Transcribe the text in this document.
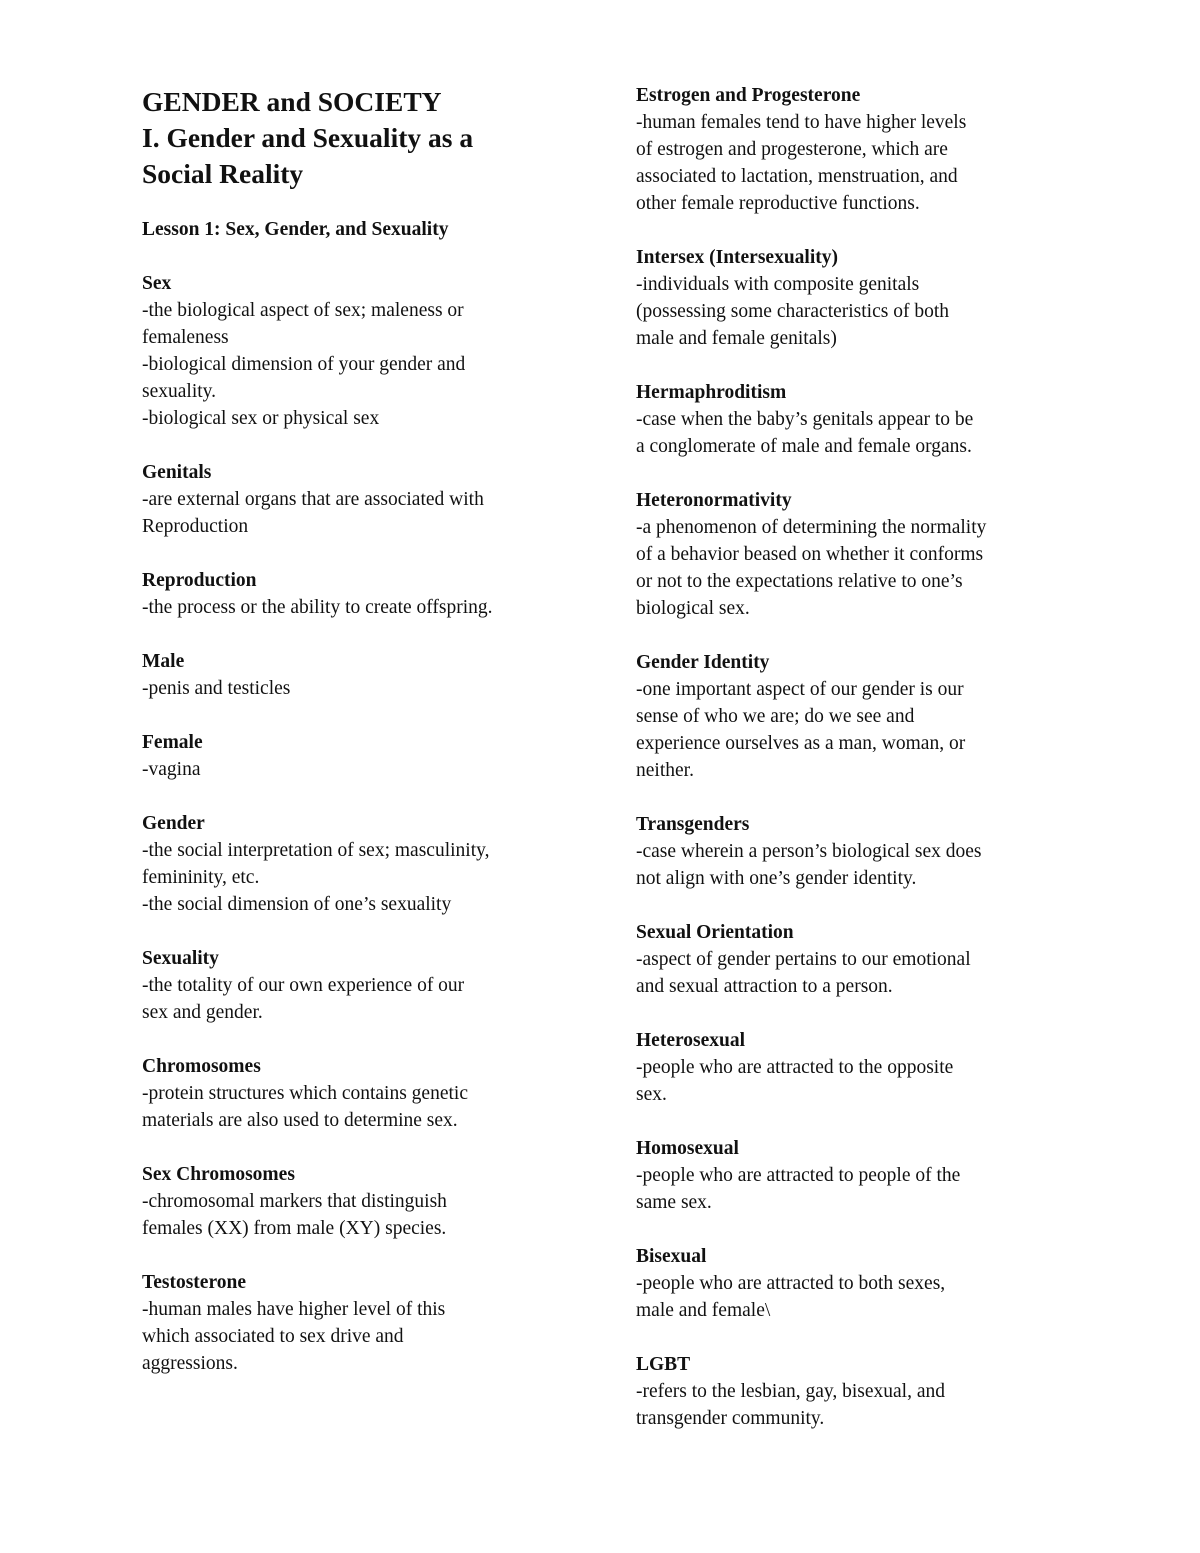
GENDER and SOCIETY
I. Gender and Sexuality as a
Social Reality
Lesson 1: Sex, Gender, and Sexuality
Sex
-the biological aspect of sex; maleness or
femaleness
-biological dimension of your gender and
sexuality.
-biological sex or physical sex
Genitals
-are external organs that are associated with
Reproduction
Reproduction
-the process or the ability to create offspring.
Male
-penis and testicles
Female
-vagina
Gender
-the social interpretation of sex; masculinity,
femininity, etc.
-the social dimension of one’s sexuality
Sexuality
-the totality of our own experience of our
sex and gender.
Chromosomes
-protein structures which contains genetic
materials are also used to determine sex.
Sex Chromosomes
-chromosomal markers that distinguish
females (XX) from male (XY) species.
Testosterone
-human males have higher level of this
which associated to sex drive and
aggressions.
Estrogen and Progesterone
-human females tend to have higher levels
of estrogen and progesterone, which are
associated to lactation, menstruation, and
other female reproductive functions.
Intersex (Intersexuality)
-individuals with composite genitals
(possessing some characteristics of both
male and female genitals)
Hermaphroditism
-case when the baby’s genitals appear to be
a conglomerate of male and female organs.
Heteronormativity
-a phenomenon of determining the normality
of a behavior beased on whether it conforms
or not to the expectations relative to one’s
biological sex.
Gender Identity
-one important aspect of our gender is our
sense of who we are; do we see and
experience ourselves as a man, woman, or
neither.
Transgenders
-case wherein a person’s biological sex does
not align with one’s gender identity.
Sexual Orientation
-aspect of gender pertains to our emotional
and sexual attraction to a person.
Heterosexual
-people who are attracted to the opposite
sex.
Homosexual
-people who are attracted to people of the
same sex.
Bisexual
-people who are attracted to both sexes,
male and female\
LGBT
-refers to the lesbian, gay, bisexual, and
transgender community.
